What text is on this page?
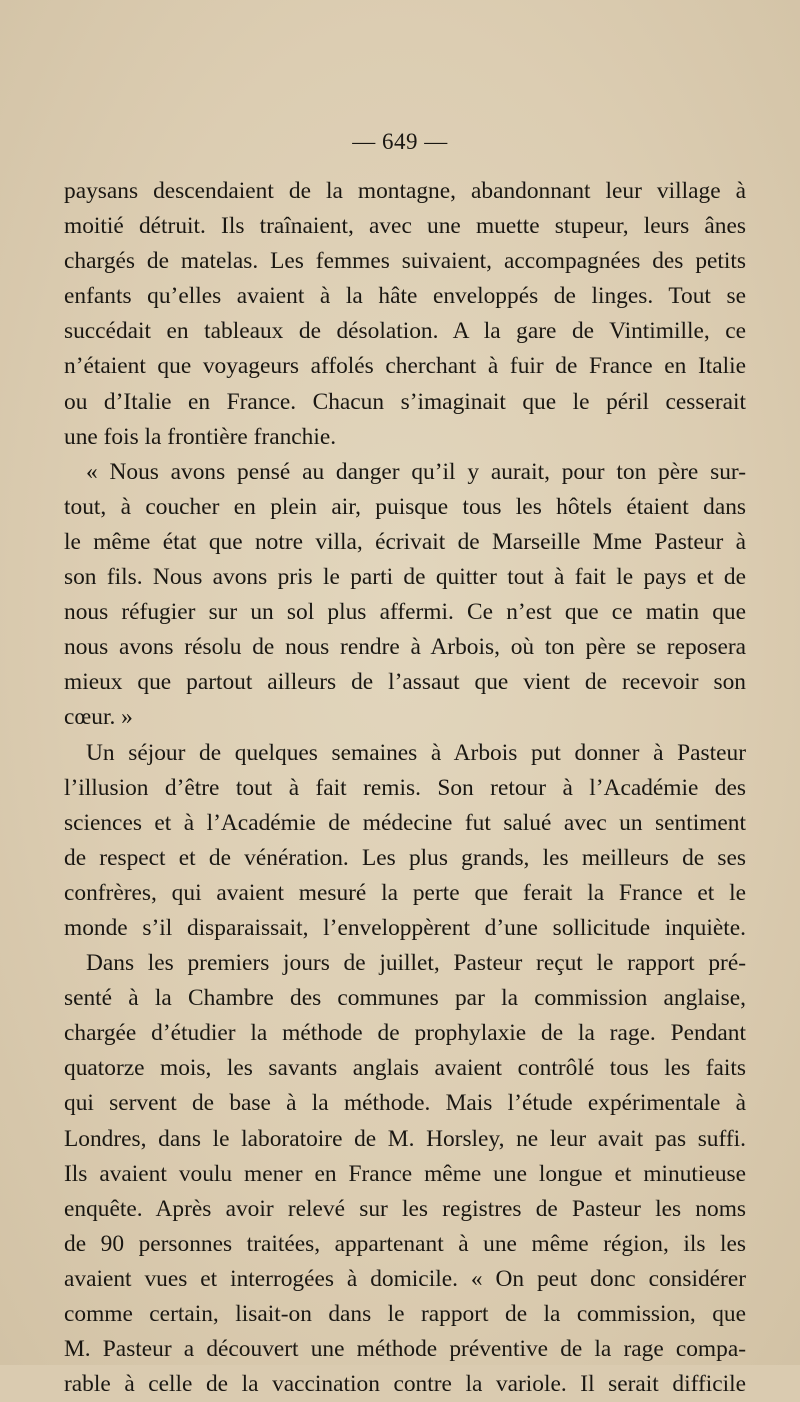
— 649 —
paysans descendaient de la montagne, abandonnant leur village à
moitié détruit. Ils traînaient, avec une muette stupeur, leurs ânes
chargés de matelas. Les femmes suivaient, accompagnées des petits
enfants qu’elles avaient à la hâte enveloppés de linges. Tout se
succédait en tableaux de désolation. A la gare de Vintimille, ce
n’étaient que voyageurs affolés cherchant à fuir de France en Italie
ou d’Italie en France. Chacun s’imaginait que le péril cesserait
une fois la frontière franchie.
« Nous avons pensé au danger qu’il y aurait, pour ton père sur-
tout, à coucher en plein air, puisque tous les hôtels étaient dans
le même état que notre villa, écrivait de Marseille Mme Pasteur à
son fils. Nous avons pris le parti de quitter tout à fait le pays et de
nous réfugier sur un sol plus affermi. Ce n’est que ce matin que
nous avons résolu de nous rendre à Arbois, où ton père se reposera
mieux que partout ailleurs de l’assaut que vient de recevoir son
cœur. »
Un séjour de quelques semaines à Arbois put donner à Pasteur
l’illusion d’être tout à fait remis. Son retour à l’Académie des
sciences et à l’Académie de médecine fut salué avec un sentiment
de respect et de vénération. Les plus grands, les meilleurs de ses
confrères, qui avaient mesuré la perte que ferait la France et le
monde s’il disparaissait, l’enveloppèrent d’une sollicitude inquiète.
Dans les premiers jours de juillet, Pasteur reçut le rapport pré-
senté à la Chambre des communes par la commission anglaise,
chargée d’étudier la méthode de prophylaxie de la rage. Pendant
quatorze mois, les savants anglais avaient contrôlé tous les faits
qui servent de base à la méthode. Mais l’étude expérimentale à
Londres, dans le laboratoire de M. Horsley, ne leur avait pas suffi.
Ils avaient voulu mener en France même une longue et minutieuse
enquête. Après avoir relevé sur les registres de Pasteur les noms
de 90 personnes traitées, appartenant à une même région, ils les
avaient vues et interrogées à domicile. « On peut donc considérer
comme certain, lisait-on dans le rapport de la commission, que
M. Pasteur a découvert une méthode préventive de la rage compa-
rable à celle de la vaccination contre la variole. Il serait difficile
